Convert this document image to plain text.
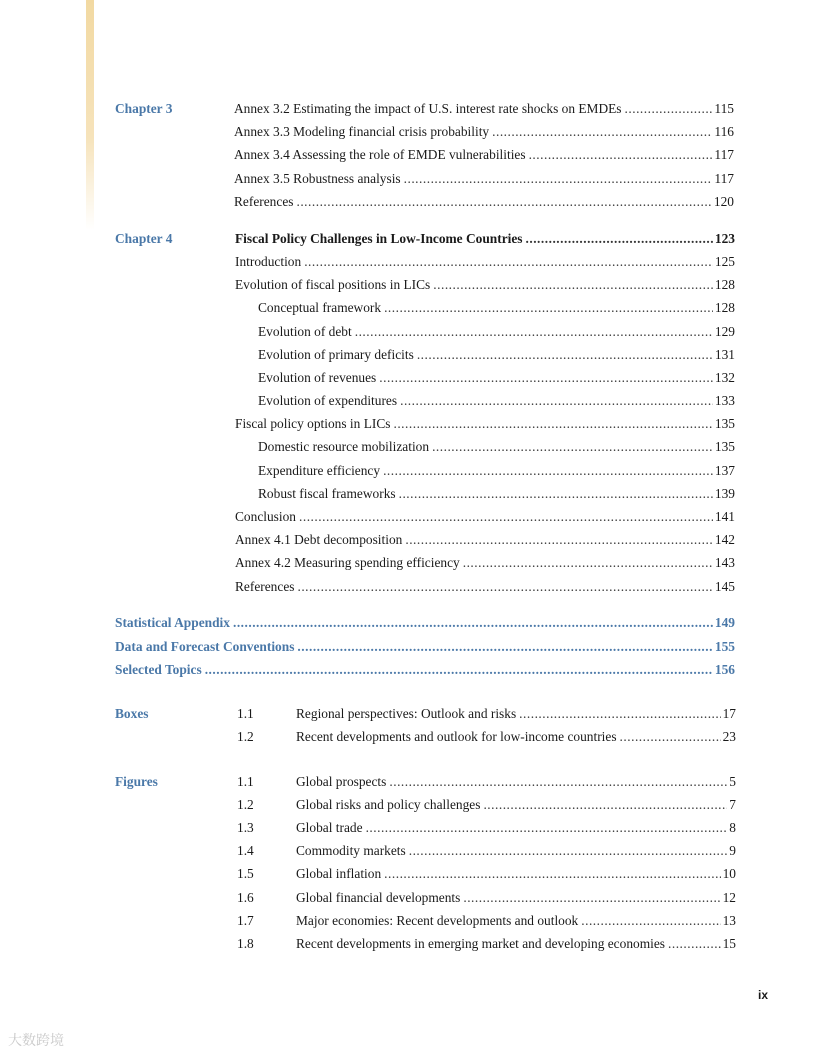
Chapter 3	Annex 3.2 Estimating the impact of U.S. interest rate shocks on EMDEs .....	115
Annex 3.3 Modeling financial crisis probability .....	116
Annex 3.4 Assessing the role of EMDE vulnerabilities .....	117
Annex 3.5 Robustness analysis .....	117
References .....	120
Chapter 4	Fiscal Policy Challenges in Low-Income Countries .....	123
Introduction .....	125
Evolution of fiscal positions in LICs .....	128
Conceptual framework .....	128
Evolution of debt .....	129
Evolution of primary deficits .....	131
Evolution of revenues .....	132
Evolution of expenditures .....	133
Fiscal policy options in LICs .....	135
Domestic resource mobilization .....	135
Expenditure efficiency .....	137
Robust fiscal frameworks .....	139
Conclusion .....	141
Annex 4.1 Debt decomposition .....	142
Annex 4.2 Measuring spending efficiency .....	143
References .....	145
Statistical Appendix .....	149
Data and Forecast Conventions .....	155
Selected Topics .....	156
Boxes	1.1	Regional perspectives: Outlook and risks .....	17
1.2	Recent developments and outlook for low-income countries .....	23
Figures	1.1	Global prospects .....	5
1.2	Global risks and policy challenges .....	7
1.3	Global trade .....	8
1.4	Commodity markets .....	9
1.5	Global inflation .....	10
1.6	Global financial developments .....	12
1.7	Major economies: Recent developments and outlook .....	13
1.8	Recent developments in emerging market and developing economies .....	15
ix
大数跨境
